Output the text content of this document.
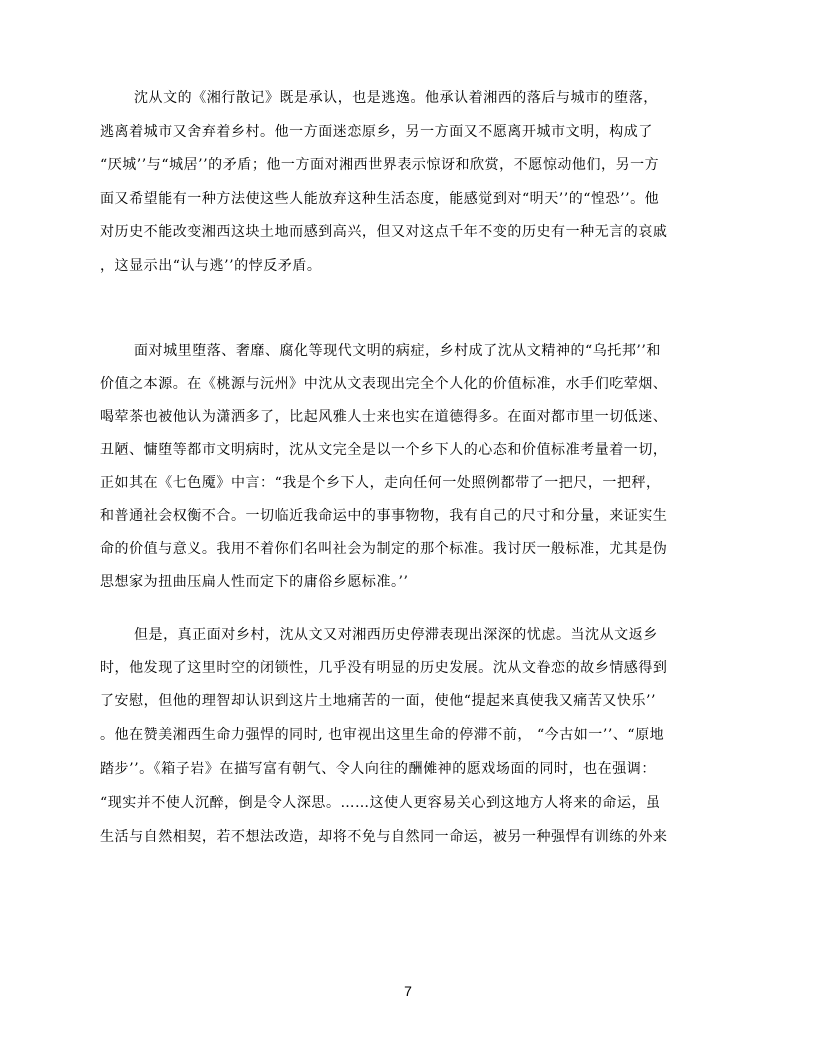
沈从文的《湘行散记》既是承认，也是逃逸。他承认着湘西的落后与城市的堕落，
逃离着城市又舍弃着乡村。他一方面迷恋原乡，另一方面又不愿离开城市文明，构成了
“厌城’’与“城居’’的矛盾；他一方面对湘西世界表示惊讶和欣赏，不愿惊动他们，另一方
面又希望能有一种方法使这些人能放弃这种生活态度，能感觉到对“明天’’的“惶恐’’。他
对历史不能改变湘西这块土地而感到高兴，但又对这点千年不变的历史有一种无言的哀戚
，这显示出“认与逃’’的悖反矛盾。
面对城里堕落、奢靡、腐化等现代文明的病症，乡村成了沈从文精神的“乌托邦’’和
价值之本源。在《桃源与沅州》中沈从文表现出完全个人化的价值标准，水手们吃荤烟、
喝荤茶也被他认为潇洒多了，比起风雅人士来也实在道德得多。在面对都市里一切低迷、
丑陋、慵堕等都市文明病时，沈从文完全是以一个乡下人的心态和价值标准考量着一切，
正如其在《七色魇》中言：“我是个乡下人，走向任何一处照例都带了一把尺，一把秤，
和普通社会权衡不合。一切临近我命运中的事事物物，我有自己的尺寸和分量，来证实生
命的价值与意义。我用不着你们名叫社会为制定的那个标准。我讨厌一般标准，尤其是伪
思想家为扭曲压扁人性而定下的庸俗乡愿标准。’’
但是，真正面对乡村，沈从文又对湘西历史停滞表现出深深的忧虑。当沈从文返乡
时，他发现了这里时空的闭锁性，几乎没有明显的历史发展。沈从文眷恋的故乡情感得到
了安慰，但他的理智却认识到这片土地痛苦的一面，使他“提起来真使我又痛苦又快乐’’
。他在赞美湘西生命力强悍的同时, 也审视出这里生命的停滞不前， “今古如一’’、“原地
踏步’’。《箱子岩》在描写富有朝气、令人向往的酬傩神的愿戏场面的同时，也在强调：
“现实并不使人沉醉，倒是令人深思。……这使人更容易关心到这地方人将来的命运，虽
生活与自然相契，若不想法改造，却将不免与自然同一命运，被另一种强悍有训练的外来
7
